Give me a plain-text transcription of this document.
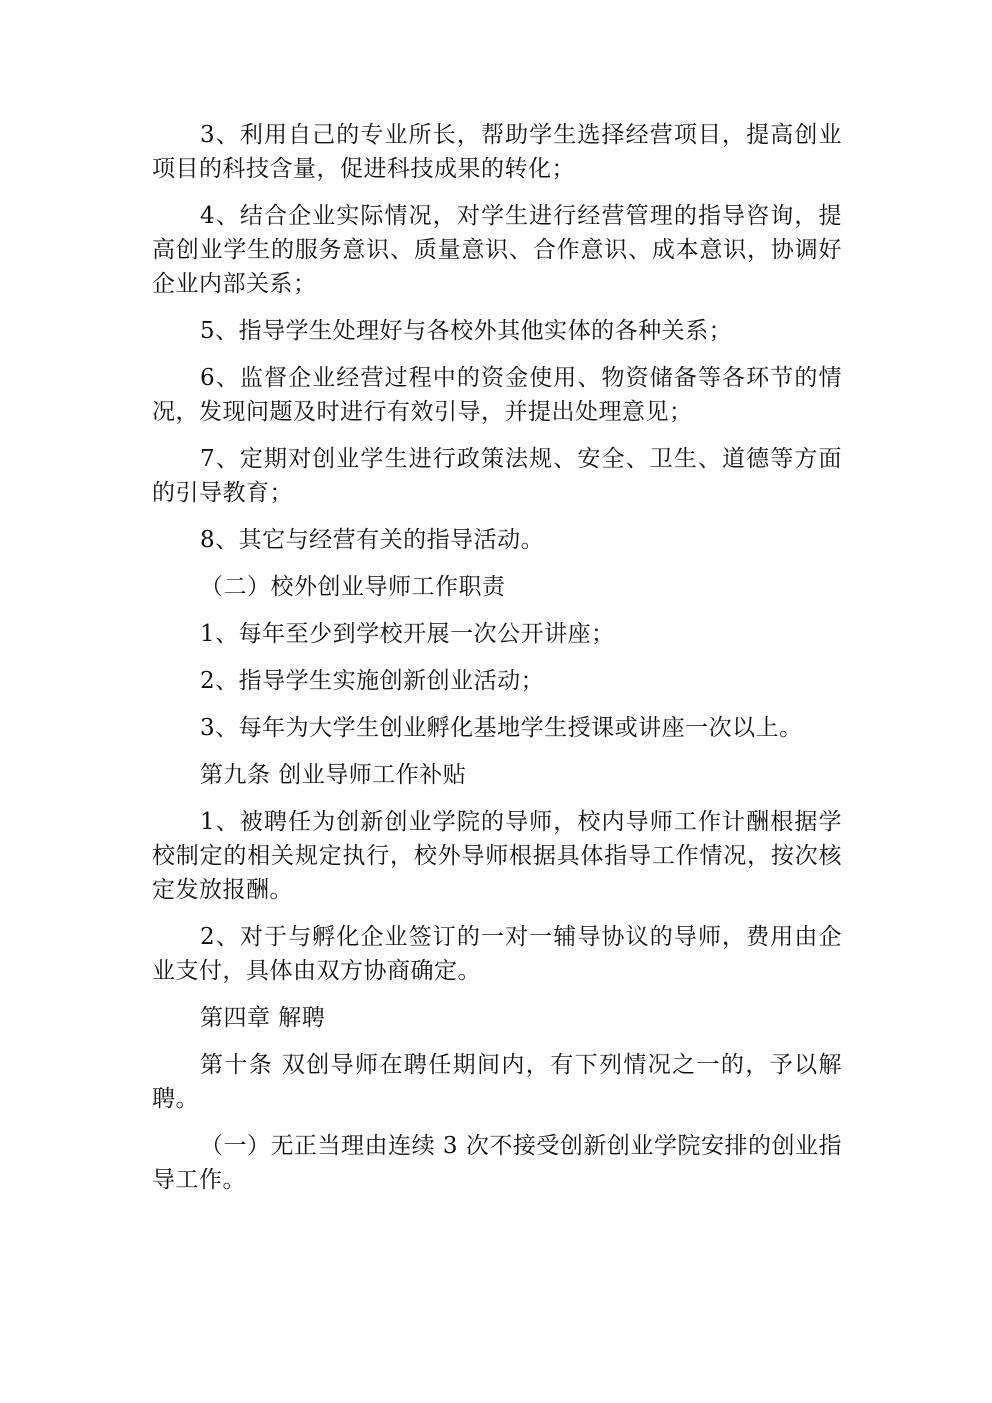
3、利用自己的专业所长，帮助学生选择经营项目，提高创业项目的科技含量，促进科技成果的转化；

4、结合企业实际情况，对学生进行经营管理的指导咨询，提高创业学生的服务意识、质量意识、合作意识、成本意识，协调好企业内部关系；

5、指导学生处理好与各校外其他实体的各种关系；

6、监督企业经营过程中的资金使用、物资储备等各环节的情况，发现问题及时进行有效引导，并提出处理意见；

7、定期对创业学生进行政策法规、安全、卫生、道德等方面的引导教育；

8、其它与经营有关的指导活动。

（二）校外创业导师工作职责

1、每年至少到学校开展一次公开讲座；

2、指导学生实施创新创业活动；

3、每年为大学生创业孵化基地学生授课或讲座一次以上。

第九条 创业导师工作补贴

1、被聘任为创新创业学院的导师，校内导师工作计酬根据学校制定的相关规定执行，校外导师根据具体指导工作情况，按次核定发放报酬。

2、对于与孵化企业签订的一对一辅导协议的导师，费用由企业支付，具体由双方协商确定。

第四章 解聘

第十条 双创导师在聘任期间内，有下列情况之一的，予以解聘。

（一）无正当理由连续 3 次不接受创新创业学院安排的创业指导工作。
